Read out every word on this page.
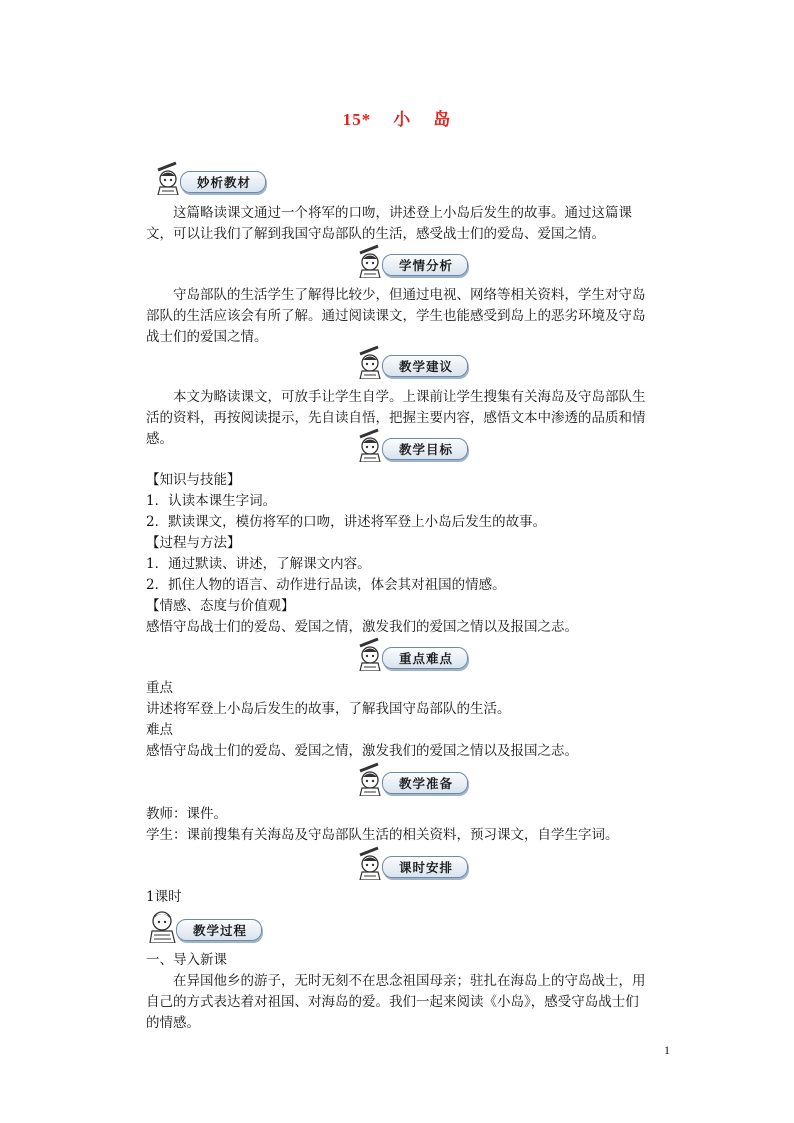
15* 小 岛
妙析教材

这篇略读课文通过一个将军的口吻，讲述登上小岛后发生的故事。通过这篇课文，可以让我们了解到我国守岛部队的生活，感受战士们的爱岛、爱国之情。

学情分析

守岛部队的生活学生了解得比较少，但通过电视、网络等相关资料，学生对守岛部队的生活应该会有所了解。通过阅读课文，学生也能感受到岛上的恶劣环境及守岛战士们的爱国之情。

教学建议

本文为略读课文，可放手让学生自学。上课前让学生搜集有关海岛及守岛部队生活的资料，再按阅读提示，先自读自悟，把握主要内容，感悟文本中渗透的品质和情感。

教学目标
【知识与技能】
1．认读本课生字词。
2．默读课文，模仿将军的口吻，讲述将军登上小岛后发生的故事。
【过程与方法】
1．通过默读、讲述，了解课文内容。
2．抓住人物的语言、动作进行品读，体会其对祖国的情感。
【情感、态度与价值观】
感悟守岛战士们的爱岛、爱国之情，激发我们的爱国之情以及报国之志。
重点难点
重点
讲述将军登上小岛后发生的故事，了解我国守岛部队的生活。
难点
感悟守岛战士们的爱岛、爱国之情，激发我们的爱国之情以及报国之志。
教学准备
教师：课件。
学生：课前搜集有关海岛及守岛部队生活的相关资料，预习课文，自学生字词。
课时安排
1课时
教学过程
一、导入新课

在异国他乡的游子，无时无刻不在思念祖国母亲；驻扎在海岛上的守岛战士，用自己的方式表达着对祖国、对海岛的爱。我们一起来阅读《小岛》，感受守岛战士们的情感。

1
